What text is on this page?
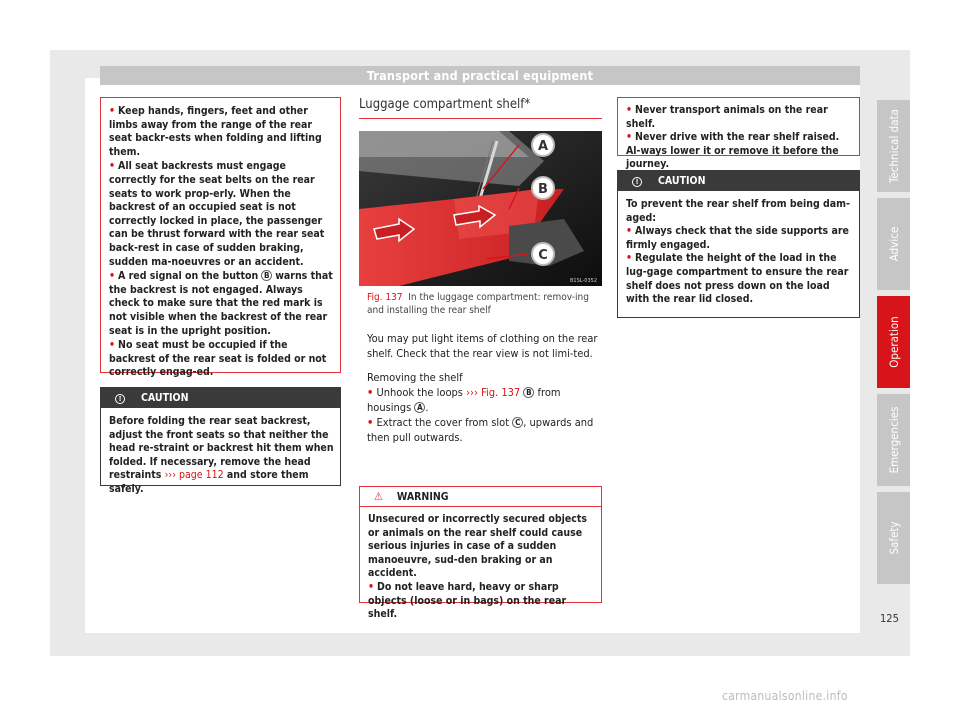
Transport and practical equipment

• Keep hands, fingers, feet and other limbs away from the range of the rear seat backr-ests when folding and lifting them.

• All seat backrests must engage correctly for the seat belts on the rear seats to work prop-erly. When the backrest of an occupied seat is not correctly locked in place, the passenger can be thrust forward with the rear seat back-rest in case of sudden braking, sudden ma-noeuvres or an accident.

• A red signal on the button B warns that the backrest is not engaged. Always check to make sure that the red mark is not visible when the backrest of the rear seat is in the upright position.

• No seat must be occupied if the backrest of the rear seat is folded or not correctly engag-ed.

! CAUTION

Before folding the rear seat backrest, adjust the front seats so that neither the head re-straint or backrest hit them when folded. If necessary, remove the head restraints ››› page 112 and store them safely.

Luggage compartment shelf*
A
B
C
B1SL-0352

Fig. 137 In the luggage compartment: remov-ing and installing the rear shelf

You may put light items of clothing on the rear shelf. Check that the rear view is not limi-ted.

Removing the shelf

• Unhook the loops ››› Fig. 137 B from housings A .

• Extract the cover from slot C , upwards and then pull outwards.

⚠ WARNING

Unsecured or incorrectly secured objects or animals on the rear shelf could cause serious injuries in case of a sudden manoeuvre, sud-den braking or an accident.

• Do not leave hard, heavy or sharp objects (loose or in bags) on the rear shelf.

• Never transport animals on the rear shelf.

• Never drive with the rear shelf raised. Al-ways lower it or remove it before the journey.

! CAUTION

To prevent the rear shelf from being dam-aged:

• Always check that the side supports are firmly engaged.

• Regulate the height of the load in the lug-gage compartment to ensure the rear shelf does not press down on the load with the rear lid closed.

Technical data
Advice
Operation
Emergencies
Safety
125
carmanualsonline.info
